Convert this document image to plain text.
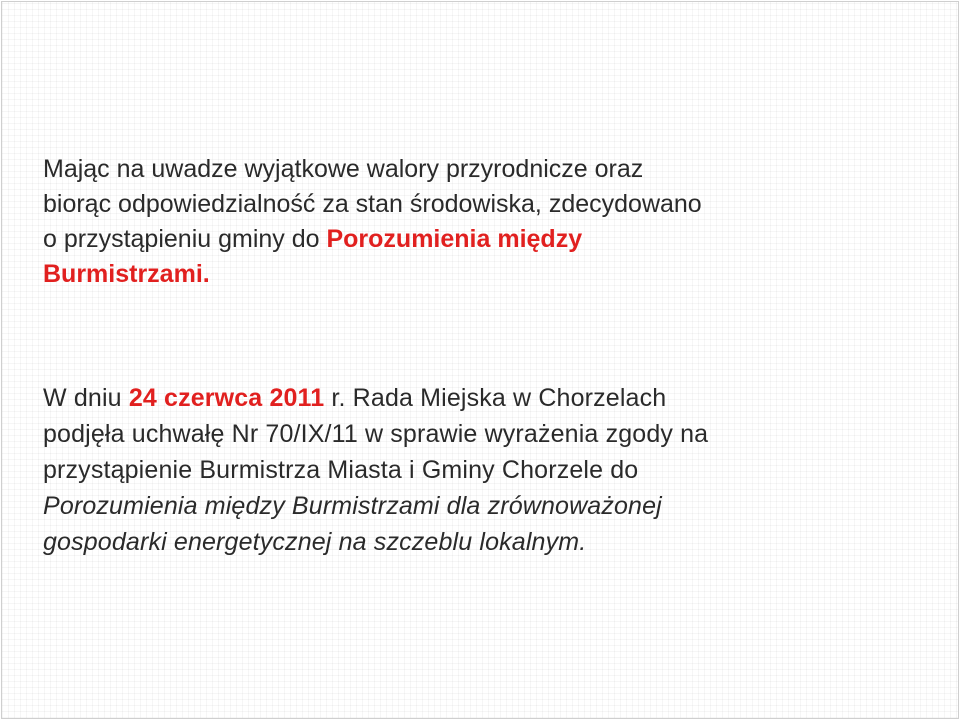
Mając na uwadze wyjątkowe walory przyrodnicze oraz
biorąc odpowiedzialność za stan środowiska, zdecydowano
o przystąpieniu gminy do Porozumienia między
Burmistrzami.

W dniu 24 czerwca 2011 r. Rada Miejska w Chorzelach
podjęła uchwałę Nr 70/IX/11 w sprawie wyrażenia zgody na
przystąpienie Burmistrza Miasta i Gminy Chorzele do
Porozumienia między Burmistrzami dla zrównoważonej
gospodarki energetycznej na szczeblu lokalnym.
